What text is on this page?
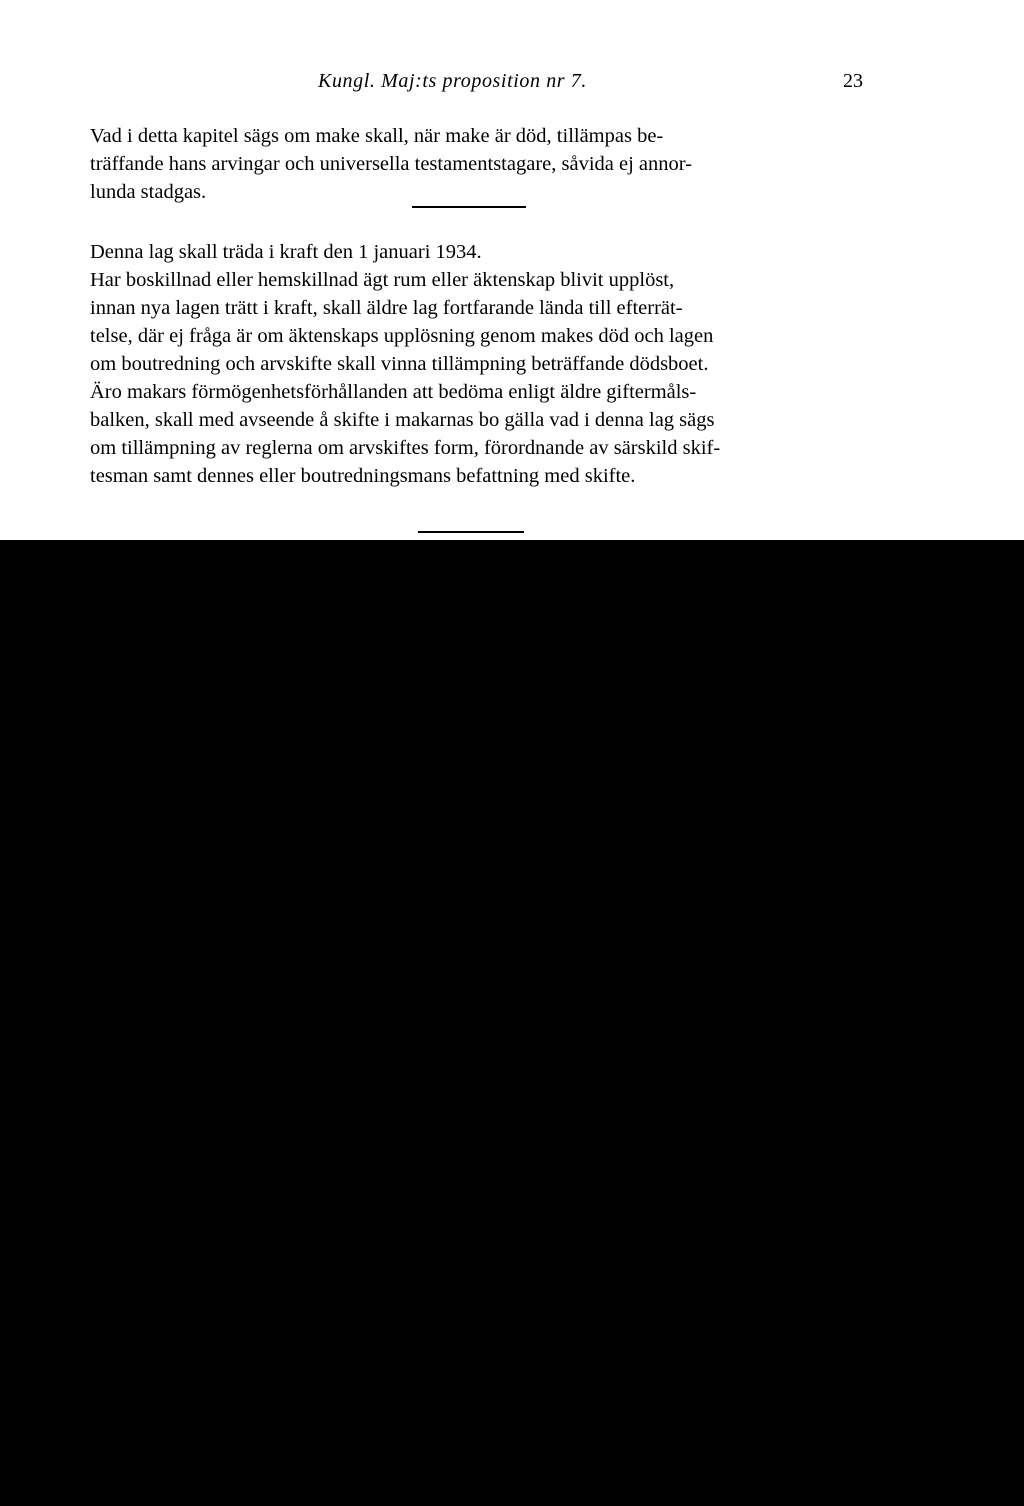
Kungl. Maj:ts proposition nr 7.	23
Vad i detta kapitel sägs om make skall, när make är död, tillämpas be-
träffande hans arvingar och universella testamentstagare, såvida ej annor-
lunda stadgas.
Denna lag skall träda i kraft den 1 januari 1934.
Har boskillnad eller hemskillnad ägt rum eller äktenskap blivit upplöst,
innan nya lagen trätt i kraft, skall äldre lag fortfarande lända till efterrät-
telse, där ej fråga är om äktenskaps upplösning genom makes död och lagen
om boutredning och arvskifte skall vinna tillämpning beträffande dödsboet.
Äro makars förmögenhetsförhållanden att bedöma enligt äldre giftermåls-
balken, skall med avseende å skifte i makarnas bo gälla vad i denna lag sägs
om tillämpning av reglerna om arvskiftes form, förordnande av särskild skif-
tesman samt dennes eller boutredningsmans befattning med skifte.
